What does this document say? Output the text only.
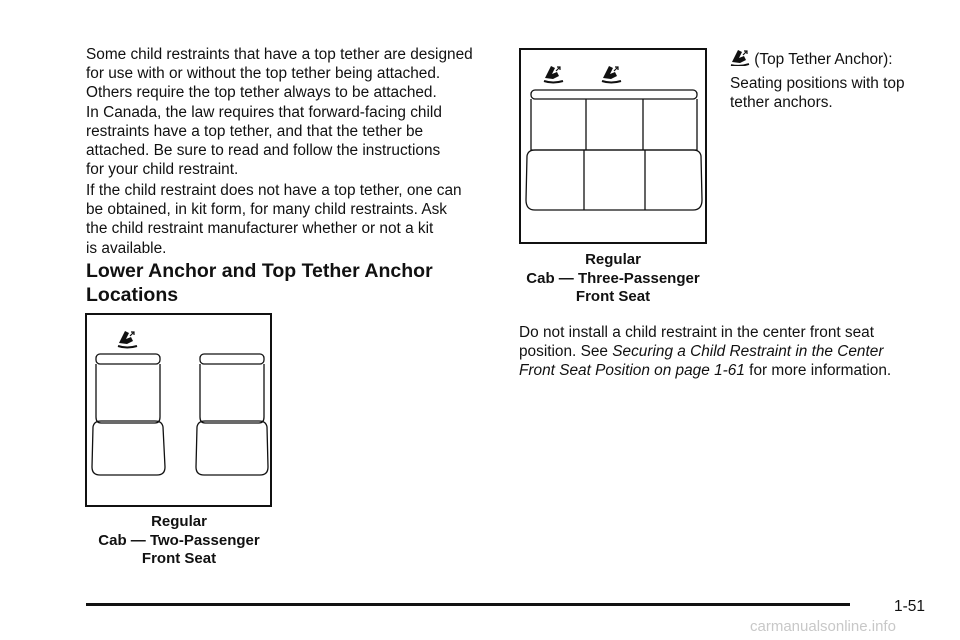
Some child restraints that have a top tether are designed

for use with or without the top tether being attached.

Others require the top tether always to be attached.

In Canada, the law requires that forward-facing child

restraints have a top tether, and that the tether be

attached. Be sure to read and follow the instructions

for your child restraint.

If the child restraint does not have a top tether, one can

be obtained, in kit form, for many child restraints. Ask

the child restraint manufacturer whether or not a kit

is available.

Lower Anchor and Top Tether Anchor

Locations

Regular

Cab — Two-Passenger

Front Seat

Regular

Cab — Three-Passenger

Front Seat

Do not install a child restraint in the center front seat

position. See Securing a Child Restraint in the Center

Front Seat Position on page 1-61 for more information.

(Top Tether Anchor):

Seating positions with top

tether anchors.

1-51
carmanualsonline.info
